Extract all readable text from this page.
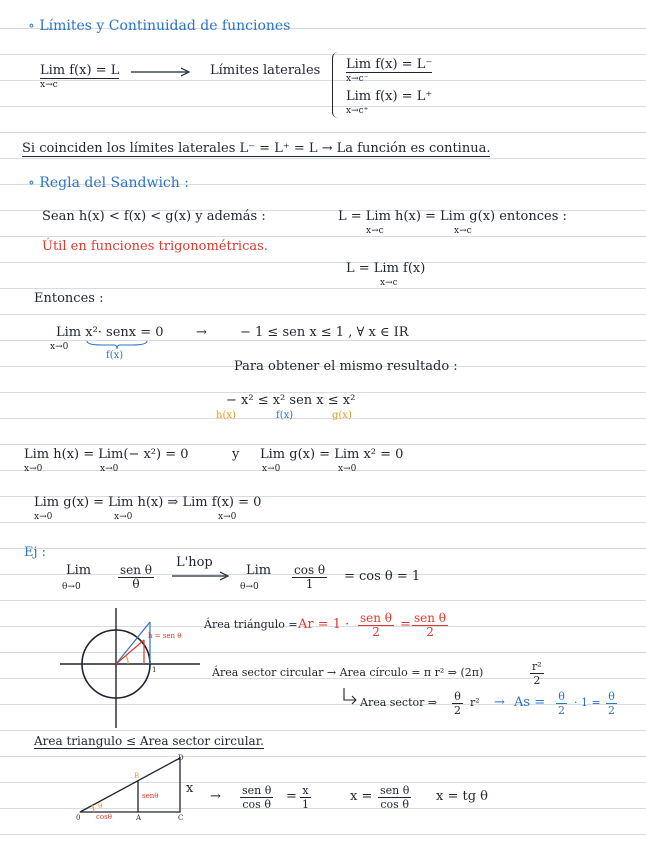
∘ Límites y Continuidad de funciones
Lim f(x) = L
x→c
Límites laterales Lim f(x) = L⁻
x→c⁻
Lim f(x) = L⁺
x→c⁺
Si coinciden los límites laterales L⁻ = L⁺ = L → La función es continua.
∘ Regla del Sandwich :
Sean h(x) < f(x) < g(x) y además :	L = Lim h(x) = Lim g(x) entonces :
x→c	x→c
Útil en funciones trigonométricas.
L = Lim f(x)
x→c
Entonces :
Lim x²· senx = 0
x→0
f(x)
→	− 1 ≤ sen x ≤ 1 , ∀ x ∈ IR
Para obtener el mismo resultado :
− x² ≤ x² sen x ≤ x²
h(x)	f(x)	g(x)
Lim h(x) = Lim(− x²) = 0
x→0	x→0
y Lim g(x) = Lim x² = 0
x→0	x→0
Lim g(x) = Lim h(x) ⇒ Lim f(x) = 0
x→0	x→0	x→0
Ej :
Lim
θ→0
sen θ
θ
L'hop
Lim
θ→0	$\frac{\text{cos θ}}{1} = \cos \theta = 1$
h = sen θ
1
Área triángulo = Ar = 1 · sen θ
2 = sen θ
2
Área sector circular → Area círculo = π r² ⇒ (2π)	$\frac{\text{r²}}{2}$
Area sector ⇒ $\frac{\theta}{2} r^2 \to As = \frac{\theta}{2} \cdot 1 = \frac{\theta}{2}$
Area triangulo ≤ Area sector circular.
D
B
0	A	C
x
senθ
cosθ
θ
→ sen θ
cos θ
= $\frac{x}{1}$	x = sen θ
cos θ
x = tg θ
